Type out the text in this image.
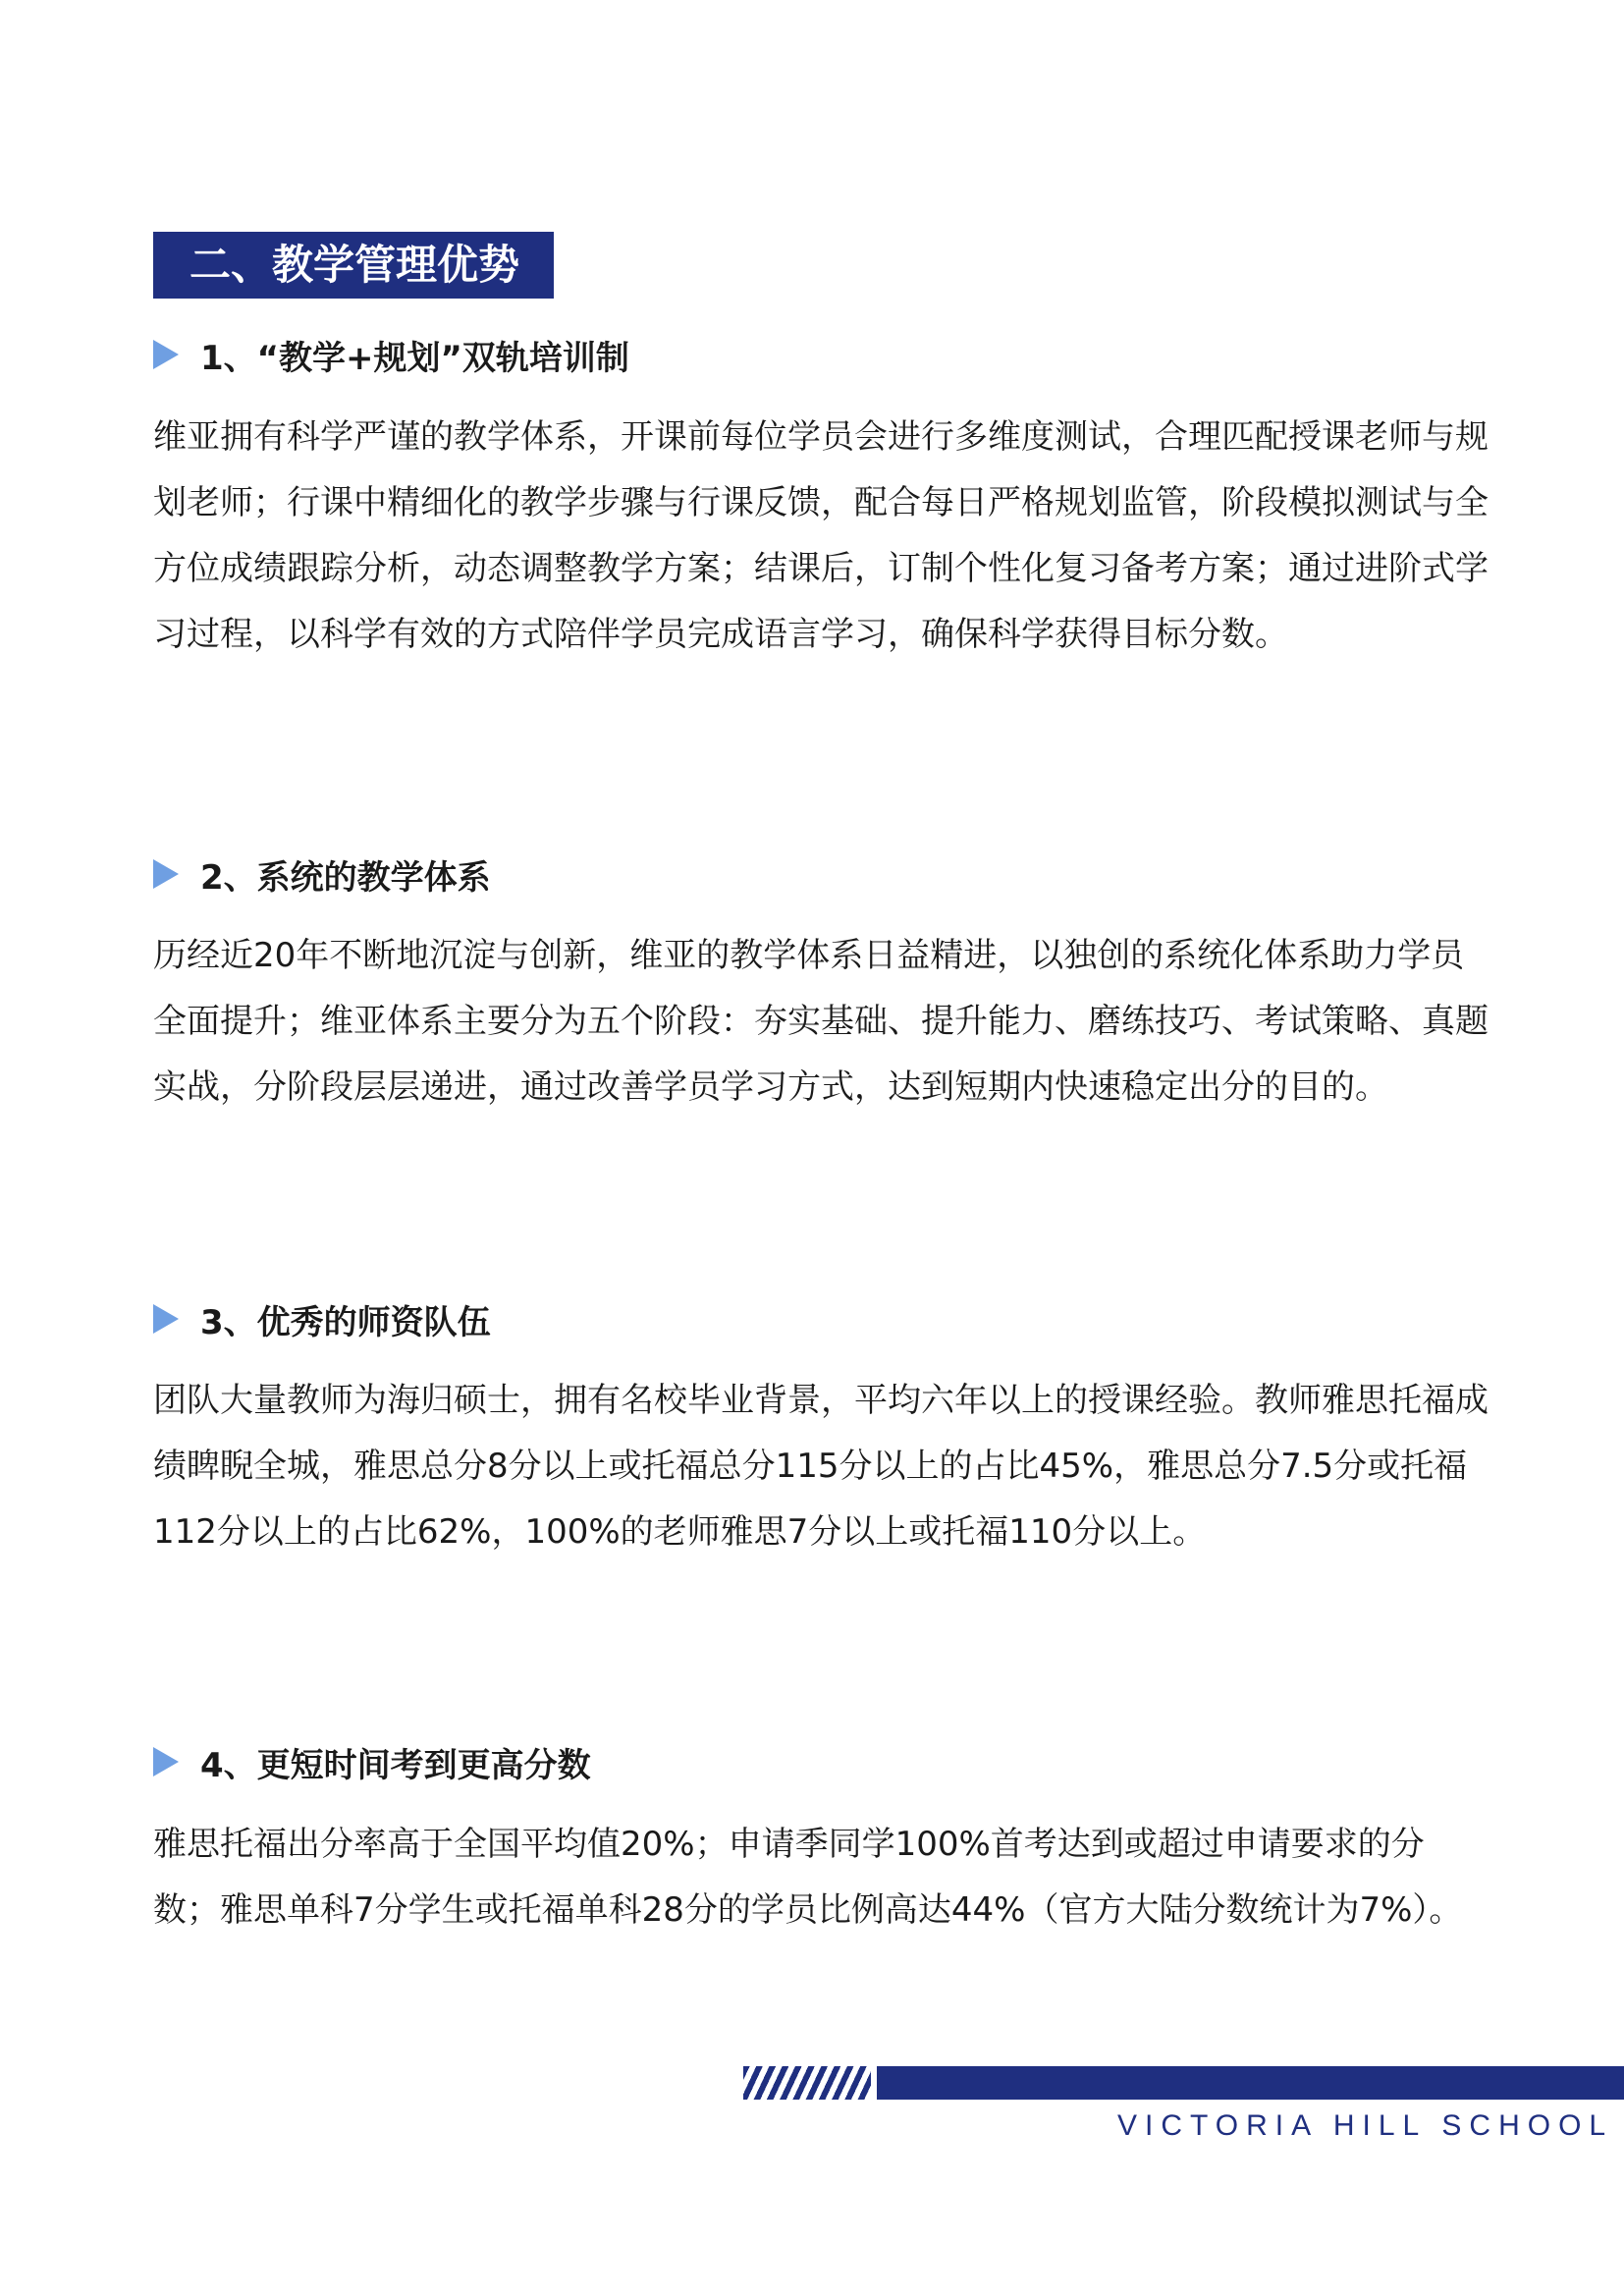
二、教学管理优势
1、“教学+规划”双轨培训制

维亚拥有科学严谨的教学体系，开课前每位学员会进行多维度测试，合理匹配授课老师与规划老师；行课中精细化的教学步骤与行课反馈，配合每日严格规划监管，阶段模拟测试与全方位成绩跟踪分析，动态调整教学方案；结课后，订制个性化复习备考方案；通过进阶式学习过程，以科学有效的方式陪伴学员完成语言学习，确保科学获得目标分数。

2、系统的教学体系

历经近20年不断地沉淀与创新，维亚的教学体系日益精进，以独创的系统化体系助力学员全面提升；维亚体系主要分为五个阶段：夯实基础、提升能力、磨练技巧、考试策略、真题实战，分阶段层层递进，通过改善学员学习方式，达到短期内快速稳定出分的目的。

3、优秀的师资队伍

团队大量教师为海归硕士，拥有名校毕业背景，平均六年以上的授课经验。教师雅思托福成绩睥睨全城，雅思总分8分以上或托福总分115分以上的占比45%，雅思总分7.5分或托福112分以上的占比62%，100%的老师雅思7分以上或托福110分以上。

4、更短时间考到更高分数

雅思托福出分率高于全国平均值20%；申请季同学100%首考达到或超过申请要求的分数；雅思单科7分学生或托福单科28分的学员比例高达44%（官方大陆分数统计为7%）。

VICTORIA HILL SCHOOL
